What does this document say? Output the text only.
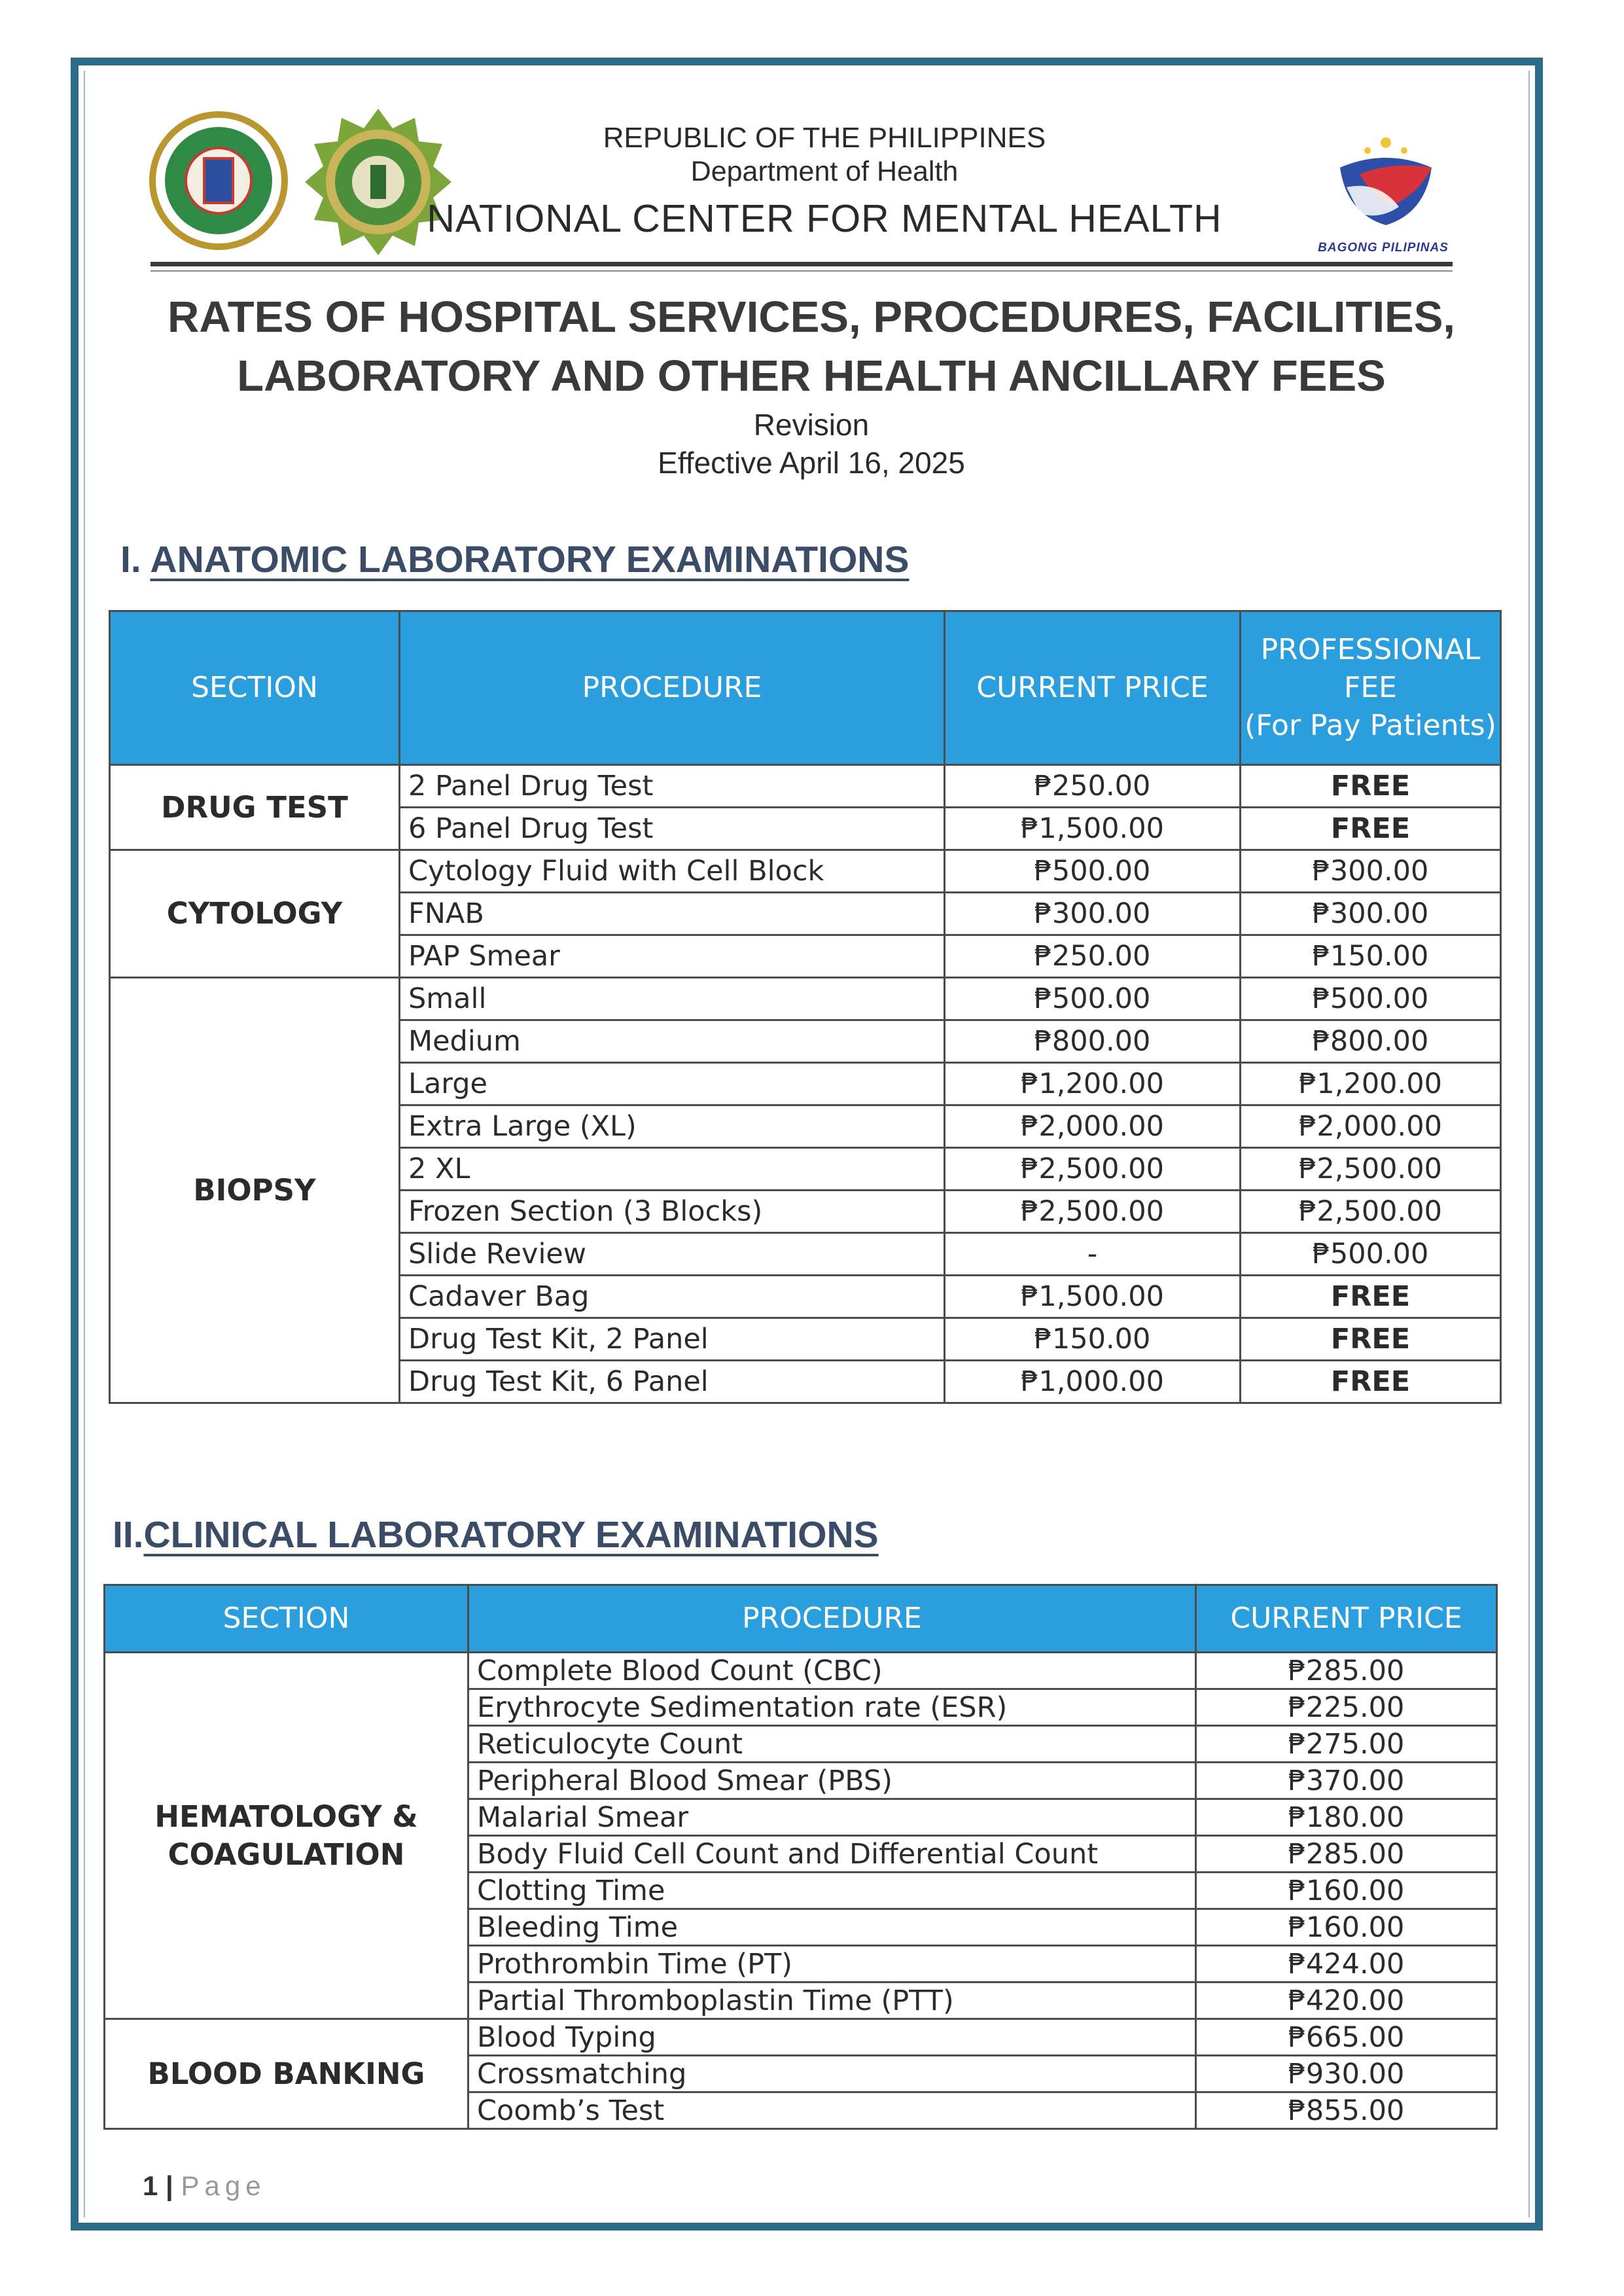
BAGONG PILIPINAS
REPUBLIC OF THE PHILIPPINES
Department of Health
NATIONAL CENTER FOR MENTAL HEALTH
RATES OF HOSPITAL SERVICES, PROCEDURES, FACILITIES,
LABORATORY AND OTHER HEALTH ANCILLARY FEES
Revision
Effective April 16, 2025
I. ANATOMIC LABORATORY EXAMINATIONS
SECTION	PROCEDURE	CURRENT PRICE	PROFESSIONAL FEE
(For Pay Patients)
DRUG TEST	2 Panel Drug Test	₱250.00	FREE
	6 Panel Drug Test	₱1,500.00	FREE
CYTOLOGY	Cytology Fluid with Cell Block	₱500.00	₱300.00
	FNAB	₱300.00	₱300.00
	PAP Smear	₱250.00	₱150.00
BIOPSY	Small	₱500.00	₱500.00
	Medium	₱800.00	₱800.00
	Large	₱1,200.00	₱1,200.00
	Extra Large (XL)	₱2,000.00	₱2,000.00
	2 XL	₱2,500.00	₱2,500.00
	Frozen Section (3 Blocks)	₱2,500.00	₱2,500.00
	Slide Review	-	₱500.00
	Cadaver Bag	₱1,500.00	FREE
	Drug Test Kit, 2 Panel	₱150.00	FREE
	Drug Test Kit, 6 Panel	₱1,000.00	FREE
II.CLINICAL LABORATORY EXAMINATIONS
SECTION	PROCEDURE	CURRENT PRICE
HEMATOLOGY & COAGULATION	Complete Blood Count (CBC)	₱285.00
	Erythrocyte Sedimentation rate (ESR)	₱225.00
	Reticulocyte Count	₱275.00
	Peripheral Blood Smear (PBS)	₱370.00
	Malarial Smear	₱180.00
	Body Fluid Cell Count and Differential Count	₱285.00
	Clotting Time	₱160.00
	Bleeding Time	₱160.00
	Prothrombin Time (PT)	₱424.00
	Partial Thromboplastin Time (PTT)	₱420.00
BLOOD BANKING	Blood Typing	₱665.00
	Crossmatching	₱930.00
	Coomb’s Test	₱855.00
1 | Page
